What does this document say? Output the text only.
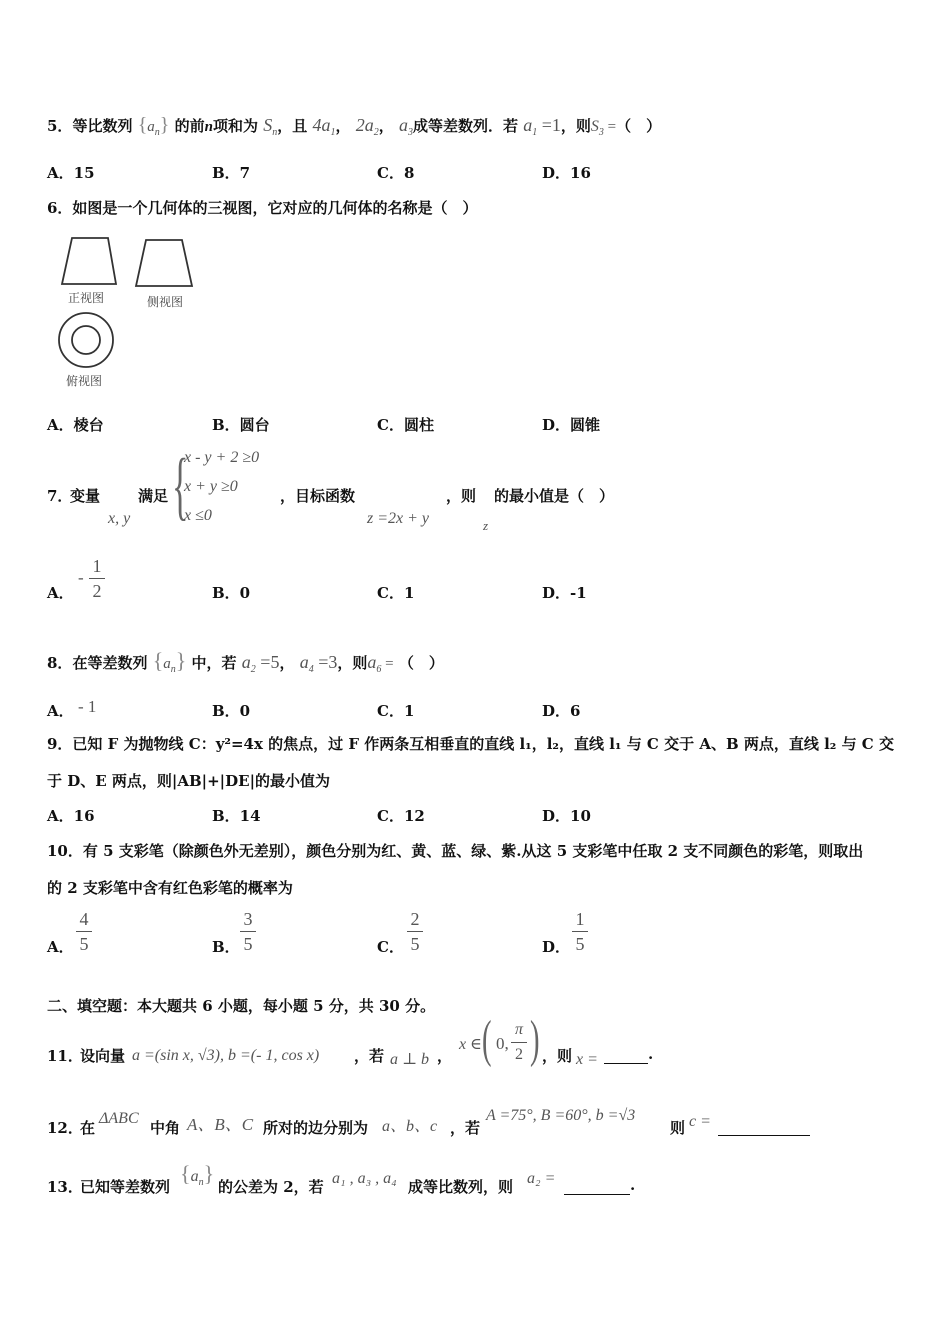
5．等比数列 $\{a_n\}$ 的前n项和为 $S_n$，且 $4a_1$， $2a_2$， $a_3$成等差数列．若 $a_1 =1$，则$S_3$ =（　）
A．15	B．7	C．8	D．16
6．如图是一个几何体的三视图，它对应的几何体的名称是（　）
正视图	侧视图
俯视图
A．棱台	B．圆台	C．圆柱	D．圆锥
7．
变量	满足
x, y {
x - y + 2 ≥0
x + y ≥0
x ≤0
，目标函数
z =2x + y
，则
z
的最小值是（　）
A．
-
1
2	B．0	C．1	D．-1
8．在等差数列 $\{a_n\}$ 中，若 $a_2 =5$， $a_4 =3$，则$a_6$ = （　）
A． - 1	B．0	C．1	D．6
9．已知 F 为抛物线 C：y²=4x 的焦点，过 F 作两条互相垂直的直线 l₁，l₂，直线 l₁ 与 C 交于 A、B 两点，直线 l₂ 与 C 交
于 D、E 两点，则|AB|+|DE|的最小值为
A．16	B．14	C．12	D．10
10．有 5 支彩笔（除颜色外无差别），颜色分别为红、黄、蓝、绿、紫.从这 5 支彩笔中任取 2 支不同颜色的彩笔，则取出
的 2 支彩笔中含有红色彩笔的概率为
A．
4
5	B．
3
5	C．
2
5	D．
1
5
二、填空题：本大题共 6 小题，每小题 5 分，共 30 分。
11．
设向量 a =(sin x, √3), b =(- 1, cos x) ，若 a ⊥ b ，
x ∈ ( 0,
π
2 ) ，则 x =	.
12．
在
ΔABC
中角 A、B、C 所对的边分别为 a、b、c ，若
A =75°, B =60°, b =√3
则 c =

13．
已知等差数列
$\{a_n\}$
的公差为 2，若 a₁ , a₃ , a₄ 成等比数列，则 a₂ =	.
